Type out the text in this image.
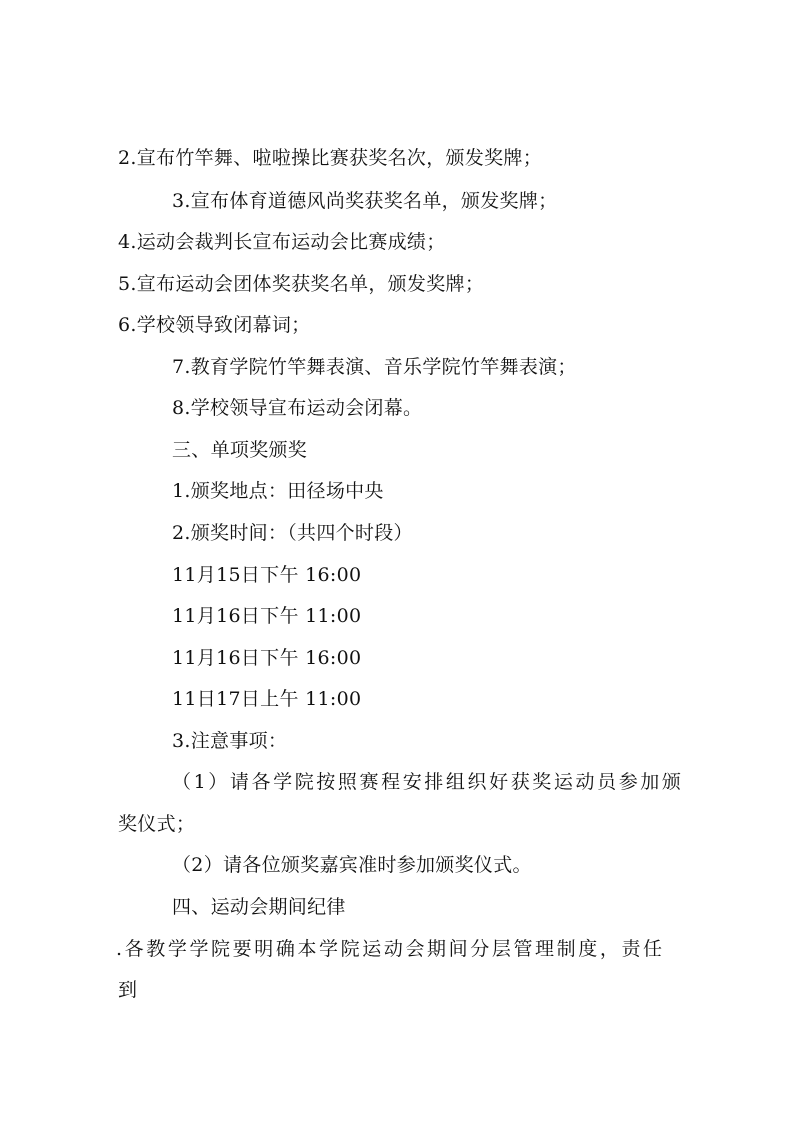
2.宣布竹竿舞、啦啦操比赛获奖名次，颁发奖牌；
3.宣布体育道德风尚奖获奖名单，颁发奖牌；
4.运动会裁判长宣布运动会比赛成绩；
5.宣布运动会团体奖获奖名单，颁发奖牌；
6.学校领导致闭幕词；
7.教育学院竹竿舞表演、音乐学院竹竿舞表演；
8.学校领导宣布运动会闭幕。
三、单项奖颁奖
1.颁奖地点：田径场中央
2.颁奖时间：（共四个时段）
11月15日下午 16:00
11月16日下午 11:00
11月16日下午 16:00
11日17日上午 11:00
3.注意事项：
（1）请各学院按照赛程安排组织好获奖运动员参加颁
奖仪式；
（2）请各位颁奖嘉宾准时参加颁奖仪式。
四、运动会期间纪律
.各教学学院要明确本学院运动会期间分层管理制度，责任
到
